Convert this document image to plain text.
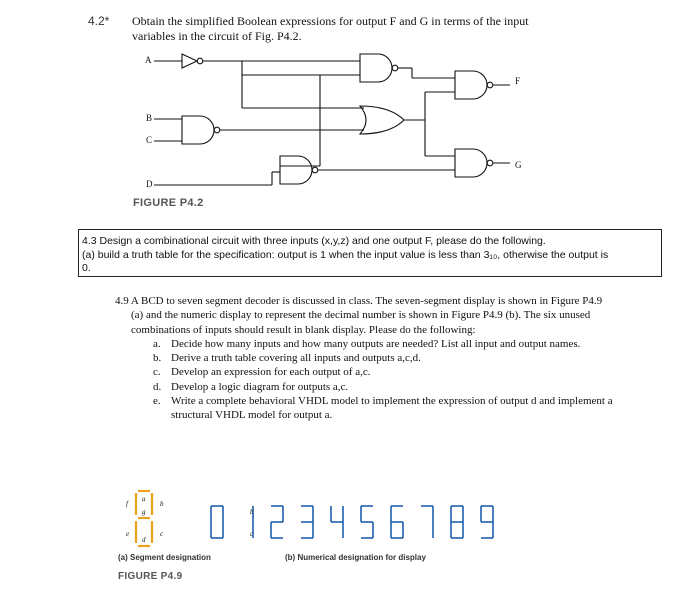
4.2* Obtain the simplified Boolean expressions for output F and G in terms of the input
variables in the circuit of Fig. P4.2.
A
B
C
D
F
G
FIGURE P4.2
4.3 Design a combinational circuit with three inputs (x,y,z) and one output F, please do the following.
(a) build a truth table for the specification: output is 1 when the input value is less than 3₁₀, otherwise the output is
0.
4.9 A BCD to seven segment decoder is discussed in class. The seven-segment display is shown in Figure P4.9 (a) and the numeric display to represent the decimal number is shown in Figure P4.9 (b). The six unused combinations of inputs should result in blank display. Please do the following:
a. Decide how many inputs and how many outputs are needed? List all input and output names.
b. Derive a truth table covering all inputs and outputs a,c,d.
c. Develop an expression for each output of a,c.
d. Develop a logic diagram for outputs a,c.
e. Write a complete behavioral VHDL model to implement the expression of output d and implement a structural VHDL model for output a.
f
a
b
g
e	c
d
b
c
(a) Segment designation	(b) Numerical designation for display
FIGURE P4.9
